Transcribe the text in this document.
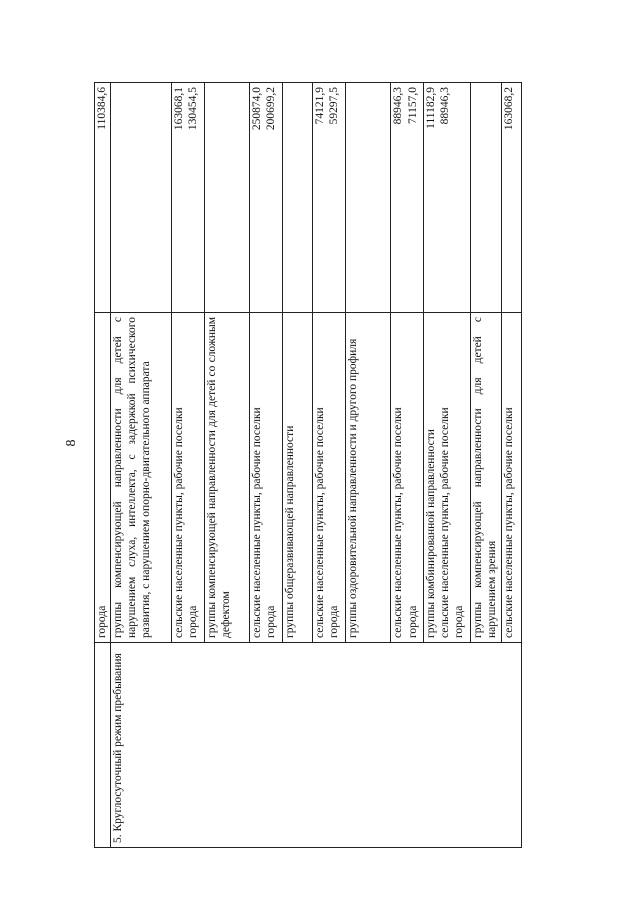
8

	города	110384,6

5. Круглосуточный режим пребывания	группы компенсирующей направленности для детей с нарушением слуха, интеллекта, с задержкой психического развития, с нарушением опорно-двигательного аппарата	

	сельские населенные пункты, рабочие поселки города	163068,1 130454,5

	группы компенсирующей направленности для детей со сложным дефектом	

	сельские населенные пункты, рабочие поселки города	250874,0 200699,2

	группы общеразвивающей направленности	

	сельские населенные пункты, рабочие поселки города	74121,9 59297,5

	группы оздоровительной направленности и другого профиля	

	сельские населенные пункты, рабочие поселки города	88946,3 71157,0

	группы комбинированной направленности сельские населенные пункты, рабочие поселки города	111182,9 88946,3

	группы компенсирующей направленности для детей с нарушением зрения	

	сельские населенные пункты, рабочие поселки	163068,2
